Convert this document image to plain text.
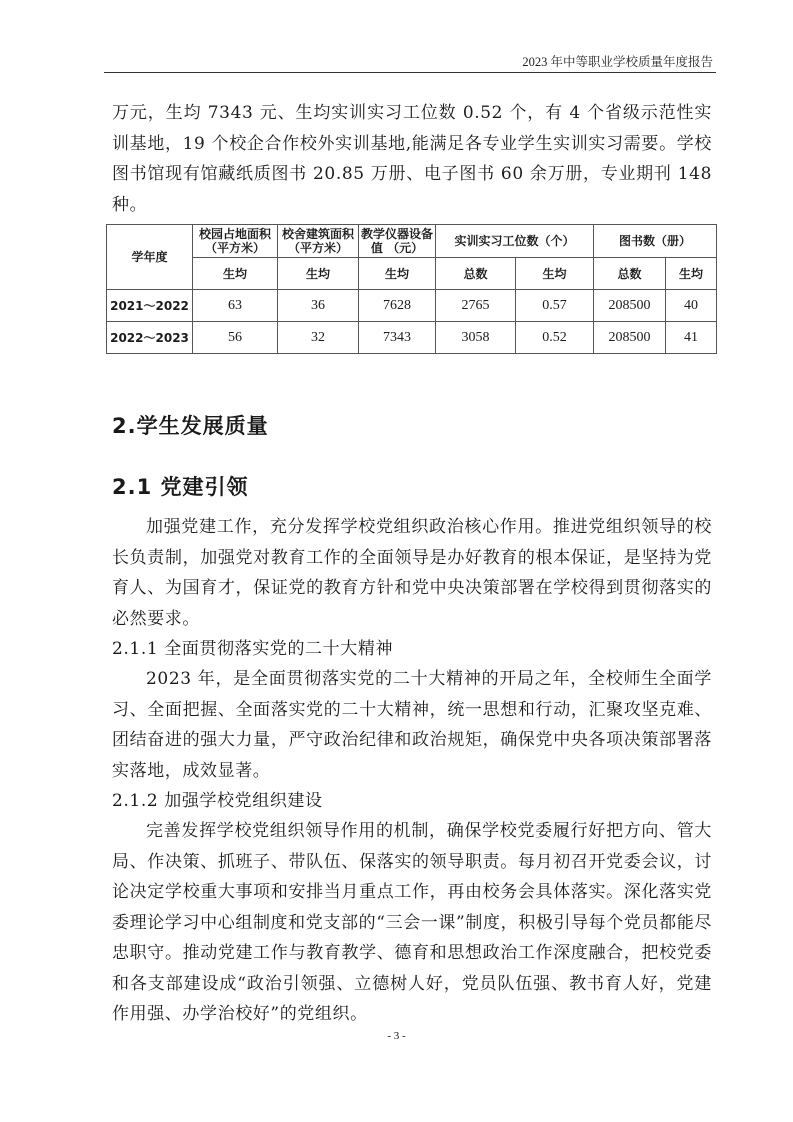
2023 年中等职业学校质量年度报告

万元，生均 7343 元、生均实训实习工位数 0.52 个，有 4 个省级示范性实训基地，19 个校企合作校外实训基地,能满足各专业学生实训实习需要。学校图书馆现有馆藏纸质图书 20.85 万册、电子图书 60 余万册，专业期刊 148 种。

学年度	校园占地面积（平方米）	校舍建筑面积（平方米）	教学仪器设备值 （元）	实训实习工位数（个）		图书数（册）	
	生均	生均	生均	总数	生均	总数	生均
2021～2022	63	36	7628	2765	0.57	208500	40
2022～2023	56	32	7343	3058	0.52	208500	41
2.学生发展质量
2.1 党建引领

加强党建工作，充分发挥学校党组织政治核心作用。推进党组织领导的校长负责制，加强党对教育工作的全面领导是办好教育的根本保证，是坚持为党育人、为国育才，保证党的教育方针和党中央决策部署在学校得到贯彻落实的必然要求。

2.1.1 全面贯彻落实党的二十大精神

2023 年，是全面贯彻落实党的二十大精神的开局之年，全校师生全面学习、全面把握、全面落实党的二十大精神，统一思想和行动，汇聚攻坚克难、团结奋进的强大力量，严守政治纪律和政治规矩，确保党中央各项决策部署落实落地，成效显著。

2.1.2 加强学校党组织建设

完善发挥学校党组织领导作用的机制，确保学校党委履行好把方向、管大局、作决策、抓班子、带队伍、保落实的领导职责。每月初召开党委会议，讨论决定学校重大事项和安排当月重点工作，再由校务会具体落实。深化落实党委理论学习中心组制度和党支部的“三会一课”制度，积极引导每个党员都能尽忠职守。推动党建工作与教育教学、德育和思想政治工作深度融合，把校党委和各支部建设成“政治引领强、立德树人好，党员队伍强、教书育人好，党建作用强、办学治校好”的党组织。

- 3 -
